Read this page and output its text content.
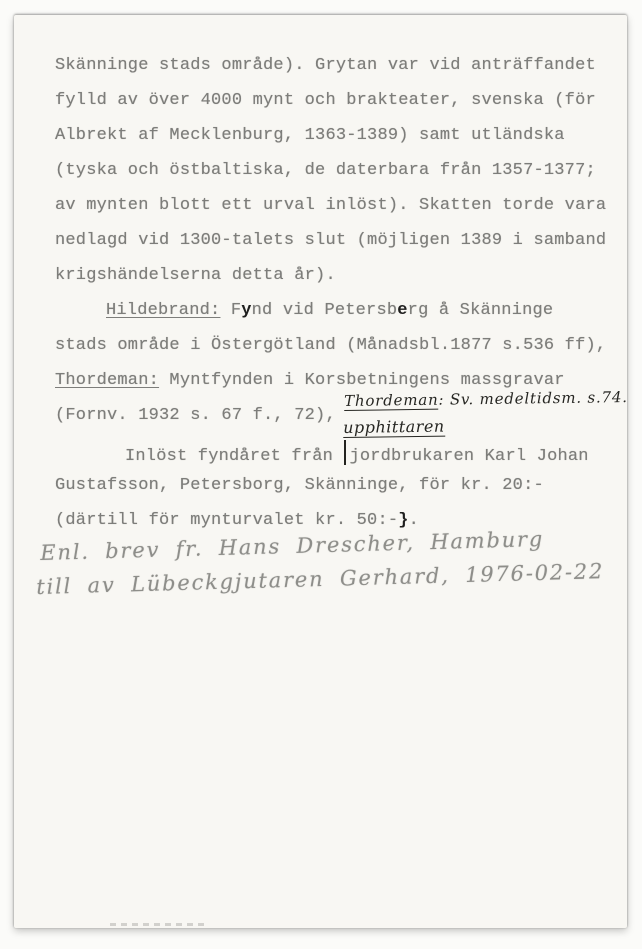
Skänninge stads område). Grytan var vid anträffandet
fylld av över 4000 mynt och brakteater, svenska (för
Albrekt af Mecklenburg, 1363-1389) samt utländska
(tyska och östbaltiska, de daterbara från 1357-1377;
av mynten blott ett urval inlöst). Skatten torde vara
nedlagd vid 1300-talets slut (möjligen 1389 i samband
krigshändelserna detta år).
Hildebrand: Fynd vid Petersberg å Skänninge
stads område i Östergötland (Månadsbl.1877 s.536 ff),
Thordeman: Myntfynden i Korsbetningens massgravar
(Fornv. 1932 s. 67 f., 72),
Thordeman: Sv. medeltidsm. s.74.
upphittaren
Inlöst fyndåret från jordbrukaren Karl Johan
Gustafsson, Petersborg, Skänninge, för kr. 20:-
(därtill för mynturvalet kr. 50:-}.
Enl. brev fr. Hans Drescher, Hamburg
till av Lübeckgjutaren Gerhard, 1976-02-22
